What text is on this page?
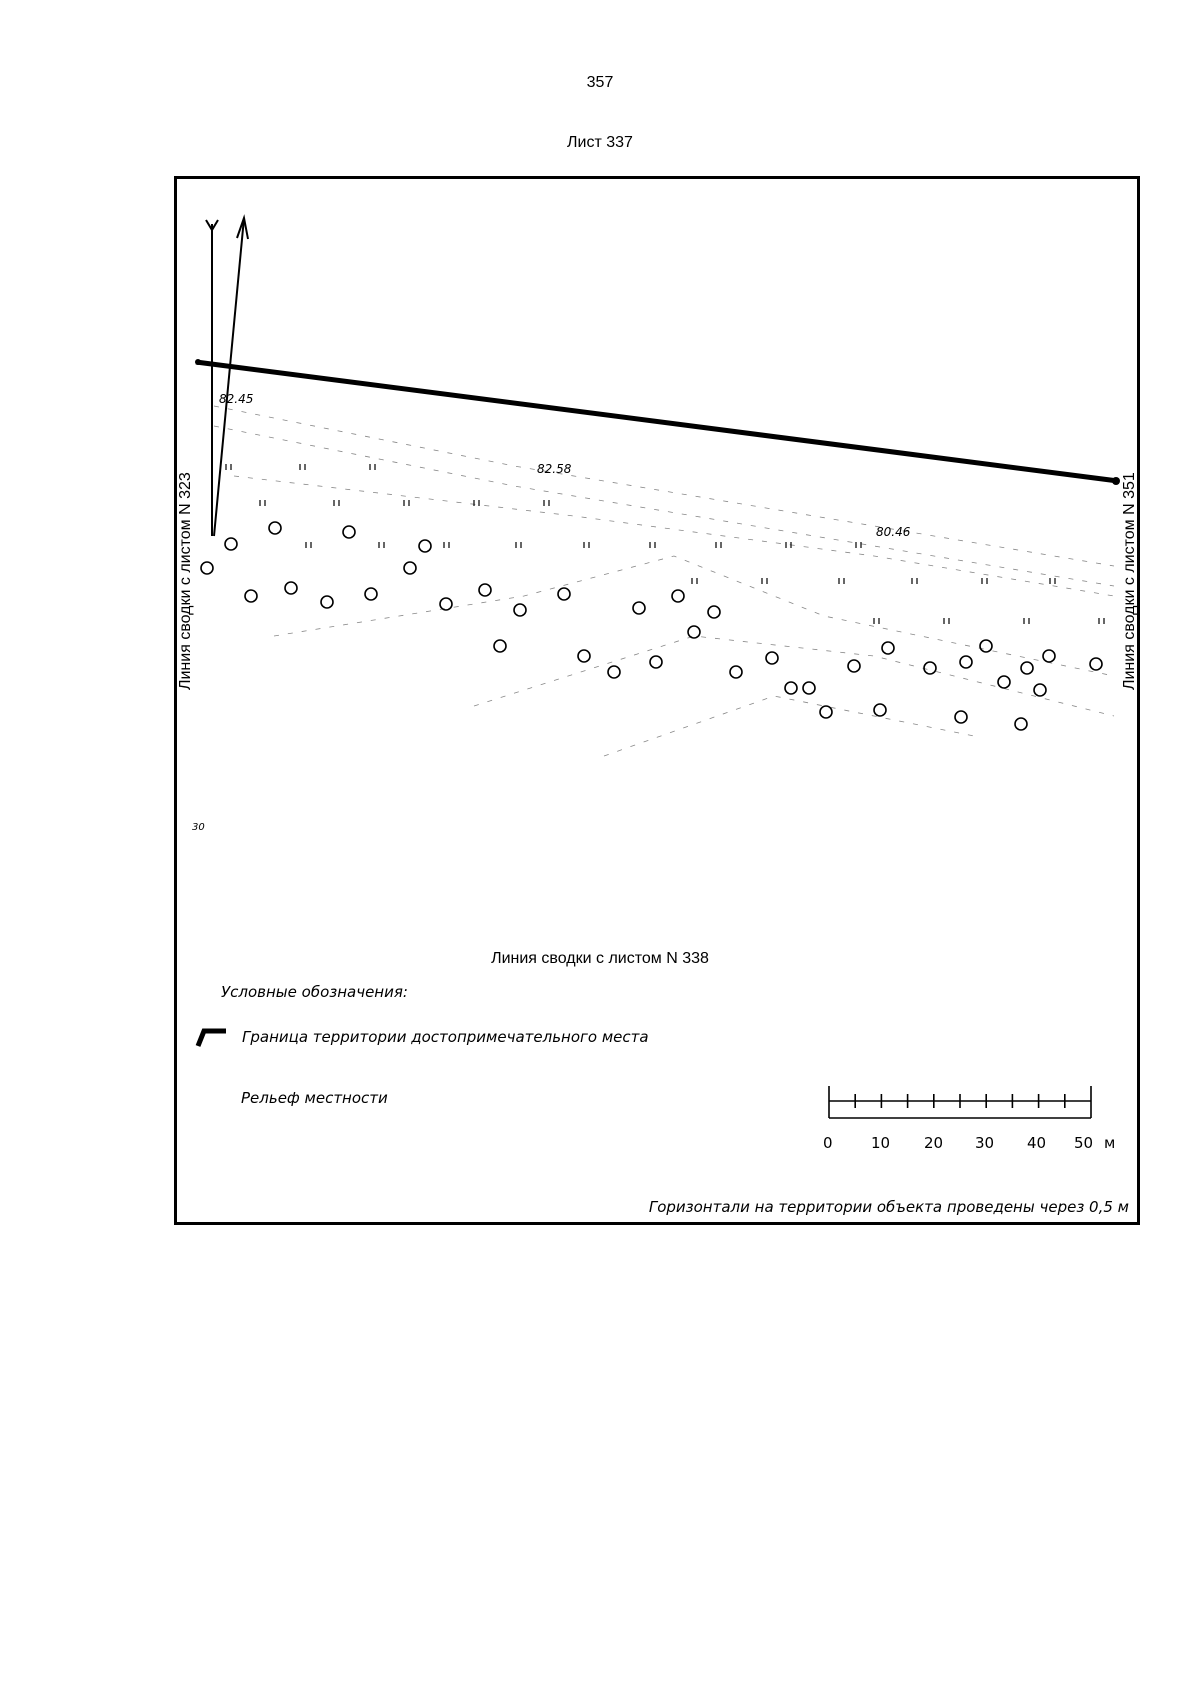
357
Лист 337
82.45
82.58
80.46
30
Линия сводки с листом N 323	Линия сводки с листом N 351
Линия сводки с листом N 338
Условные обозначения:
Граница территории достопримечательного места
Рельеф местности
0	10 20 30 40 50 м
Горизонтали на территории объекта проведены через 0,5 м
